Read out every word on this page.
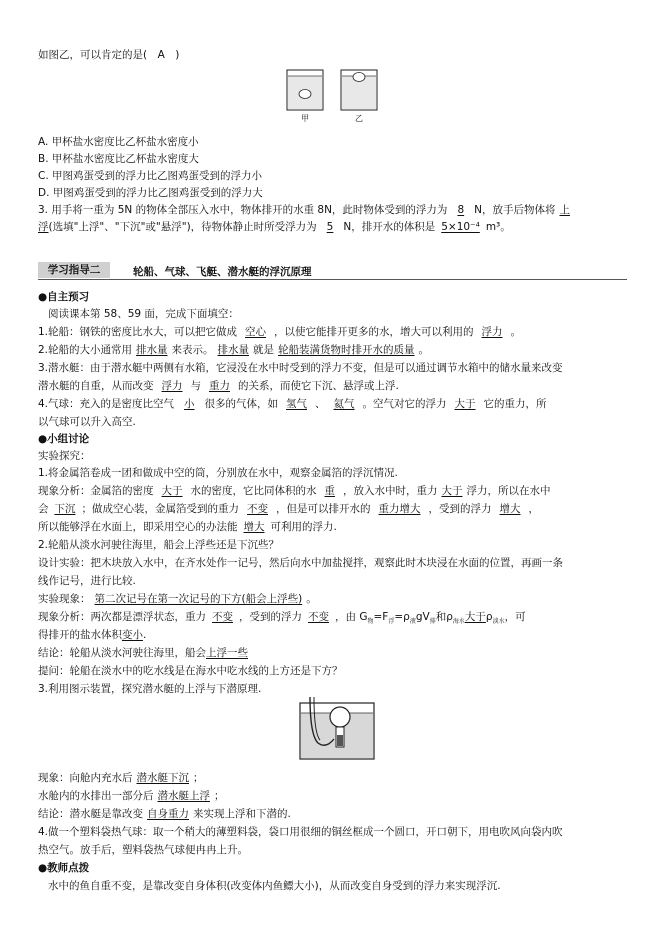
如图乙，可以肯定的是(　A　)
甲	乙
A. 甲杯盐水密度比乙杯盐水密度小
B. 甲杯盐水密度比乙杯盐水密度大
C. 甲图鸡蛋受到的浮力比乙图鸡蛋受到的浮力小
D. 甲图鸡蛋受到的浮力比乙图鸡蛋受到的浮力大
3. 用手将一重为 5N 的物体全部压入水中，物体排开的水重 8N，此时物体受到的浮力为 8 N，放手后物体将 上
浮(选填"上浮"、"下沉"或"悬浮")，待物体静止时所受浮力为 5 N，排开水的体积是 5×10⁻⁴ m³。
学习指导二	轮船、气球、飞艇、潜水艇的浮沉原理
●自主预习
阅读课本第 58、59 面，完成下面填空：
1.轮船：钢铁的密度比水大，可以把它做成 空心 ，以使它能排开更多的水，增大可以利用的 浮力 。
2.轮船的大小通常用 排水量 来表示。 排水量 就是 轮船装满货物时排开水的质量 。
3.潜水艇：由于潜水艇中两侧有水箱，它浸没在水中时受到的浮力不变，但是可以通过调节水箱中的储水量来改变
潜水艇的自重，从而改变 浮力 与 重力 的关系，而使它下沉、悬浮或上浮.
4.气球：充入的是密度比空气 小 很多的气体，如 氢气 、 氦气 。空气对它的浮力 大于 它的重力，所
以气球可以升入高空.
●小组讨论
实验探究：
1.将金属箔卷成一团和做成中空的筒，分别放在水中，观察金属箔的浮沉情况.
现象分析：金属箔的密度 大于 水的密度，它比同体积的水 重 ，放入水中时，重力 大于 浮力，所以在水中
会 下沉 ；做成空心装，金属箔受到的重力 不变 ，但是可以排开水的 重力增大 ，受到的浮力 增大 ，
所以能够浮在水面上，即采用空心的办法能 增大 可利用的浮力.
2.轮船从淡水河驶往海里，船会上浮些还是下沉些？
设计实验：把木块放入水中，在齐水处作一记号，然后向水中加盐搅拌，观察此时木块浸在水面的位置，再画一条
线作记号，进行比较.
实验现象： 第二次记号在第一次记号的下方(船会上浮些) 。
现象分析：两次都是漂浮状态，重力 不变 ，受到的浮力 不变 ，由 $G_物=F_浮=\rho_液gV_排$和$\rho_{海水}$大于$\rho_{淡水}$，可
得排开的盐水体积变小.
结论：轮船从淡水河驶往海里，船会上浮一些
提问：轮船在淡水中的吃水线是在海水中吃水线的上方还是下方？
3.利用图示装置，探究潜水艇的上浮与下潜原理.
现象：向舱内充水后 潜水艇下沉 ；
水舱内的水排出一部分后 潜水艇上浮 ；
结论：潜水艇是靠改变 自身重力 来实现上浮和下潜的.
4.做一个塑料袋热气球：取一个稍大的薄塑料袋，袋口用很细的铜丝框成一个圆口，开口朝下，用电吹风向袋内吹
热空气。放手后，塑料袋热气球便冉冉上升。
●教师点拨
水中的鱼自重不变，是靠改变自身体积(改变体内鱼鳔大小)，从而改变自身受到的浮力来实现浮沉.
